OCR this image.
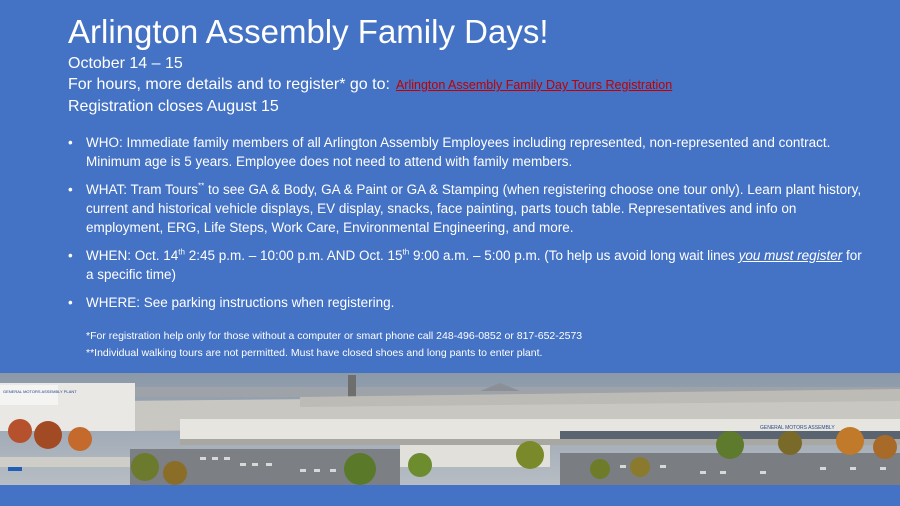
Arlington Assembly Family Days!
October 14 – 15
For hours, more details and to register* go to: Arlington Assembly Family Day Tours Registration
Registration closes August 15
• WHO: Immediate family members of all Arlington Assembly Employees including represented, non-represented and contract. Minimum age is 5 years. Employee does not need to attend with family members.
• WHAT: Tram Tours** to see GA & Body, GA & Paint or GA & Stamping (when registering choose one tour only). Learn plant history, current and historical vehicle displays, EV display, snacks, face painting, parts touch table. Representatives and info on employment, ERG, Life Steps, Work Care, Environmental Engineering, and more.
• WHEN: Oct. 14th 2:45 p.m. – 10:00 p.m. AND Oct. 15th 9:00 a.m. – 5:00 p.m. (To help us avoid long wait lines you must register for a specific time)
• WHERE: See parking instructions when registering.
*For registration help only for those without a computer or smart phone call 248-496-0852 or 817-652-2573
**Individual walking tours are not permitted. Must have closed shoes and long pants to enter plant.
GENERAL MOTORS ASSEMBLY PLANT
GENERAL MOTORS ASSEMBLY
